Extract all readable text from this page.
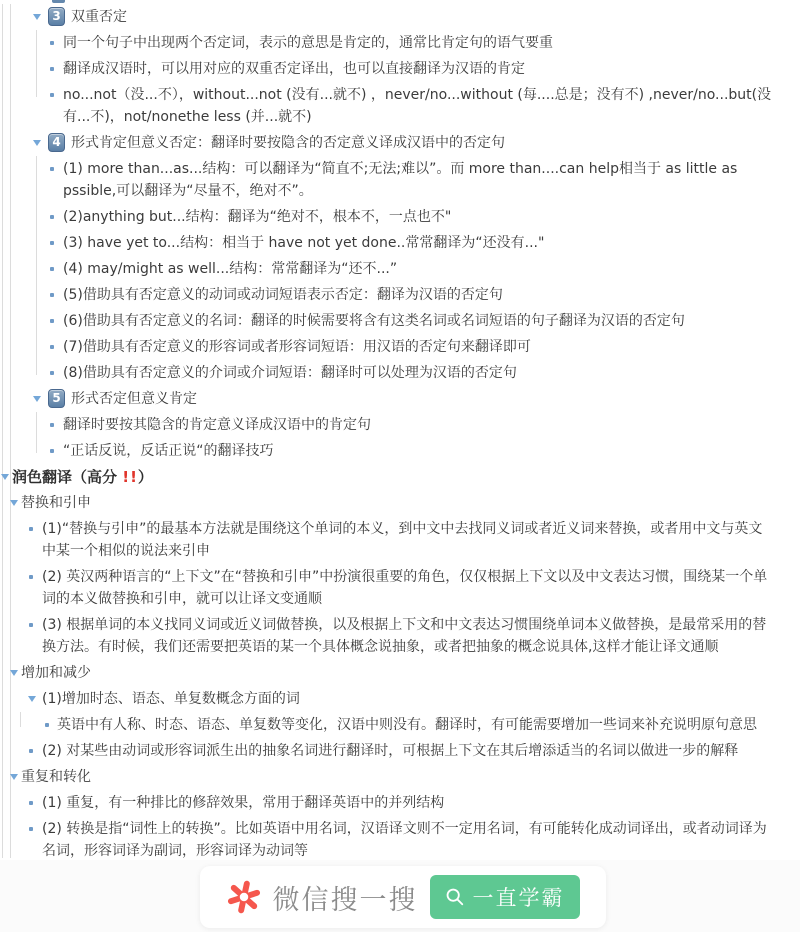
3 双重否定
同一个句子中出现两个否定词，表示的意思是肯定的，通常比肯定句的语气要重
翻译成汉语时，可以用对应的双重否定译出，也可以直接翻译为汉语的肯定
no...not（没...不），without...not (没有...就不) ，never/no...without (每....总是；没有不) ,never/no...but(没有...不)，not/nonethe less (并...就不)
4 形式肯定但意义否定：翻译时要按隐含的否定意义译成汉语中的否定句
(1) more than...as...结构：可以翻译为“简直不;无法;难以”。而 more than....can help相当于 as little as pssible,可以翻译为“尽量不，绝对不”。
(2)anything but...结构：翻译为“绝对不，根本不，一点也不"
(3) have yet to...结构：相当于 have not yet done..常常翻译为“还没有..."
(4) may/might as well...结构：常常翻译为“还不...”
(5)借助具有否定意义的动词或动词短语表示否定：翻译为汉语的否定句
(6)借助具有否定意义的名词：翻译的时候需要将含有这类名词或名词短语的句子翻译为汉语的否定句
(7)借助具有否定意义的形容词或者形容词短语：用汉语的否定句来翻译即可
(8)借助具有否定意义的介词或介词短语：翻译时可以处理为汉语的否定句
5 形式否定但意义肯定
翻译时要按其隐含的肯定意义译成汉语中的肯定句
“正话反说，反话正说“的翻译技巧
润色翻译（高分 !!）
替换和引申
(1)“替换与引申”的最基本方法就是围绕这个单词的本义，到中文中去找同义词或者近义词来替换，或者用中文与英文中某一个相似的说法来引申
(2) 英汉两种语言的“上下文”在“替换和引申”中扮演很重要的角色，仅仅根据上下文以及中文表达习惯，围绕某一个单词的本义做替换和引申，就可以让译文变通顺
(3) 根据单词的本义找同义词或近义词做替换，以及根据上下文和中文表达习惯围绕单词本义做替换，是最常采用的替换方法。有时候，我们还需要把英语的某一个具体概念说抽象，或者把抽象的概念说具体,这样才能让译文通顺
增加和减少
(1)增加时态、语态、单复数概念方面的词
英语中有人称、时态、语态、单复数等变化，汉语中则没有。翻译时，有可能需要增加一些词来补充说明原句意思
(2) 对某些由动词或形容词派生出的抽象名词进行翻译时，可根据上下文在其后增添适当的名词以做进一步的解释
重复和转化
(1) 重复，有一种排比的修辞效果，常用于翻译英语中的并列结构
(2) 转换是指“词性上的转换”。比如英语中用名词，汉语译文则不一定用名词，有可能转化成动词译出，或者动词译为名词，形容词译为副词，形容词译为动词等
微信搜一搜	一直学霸
